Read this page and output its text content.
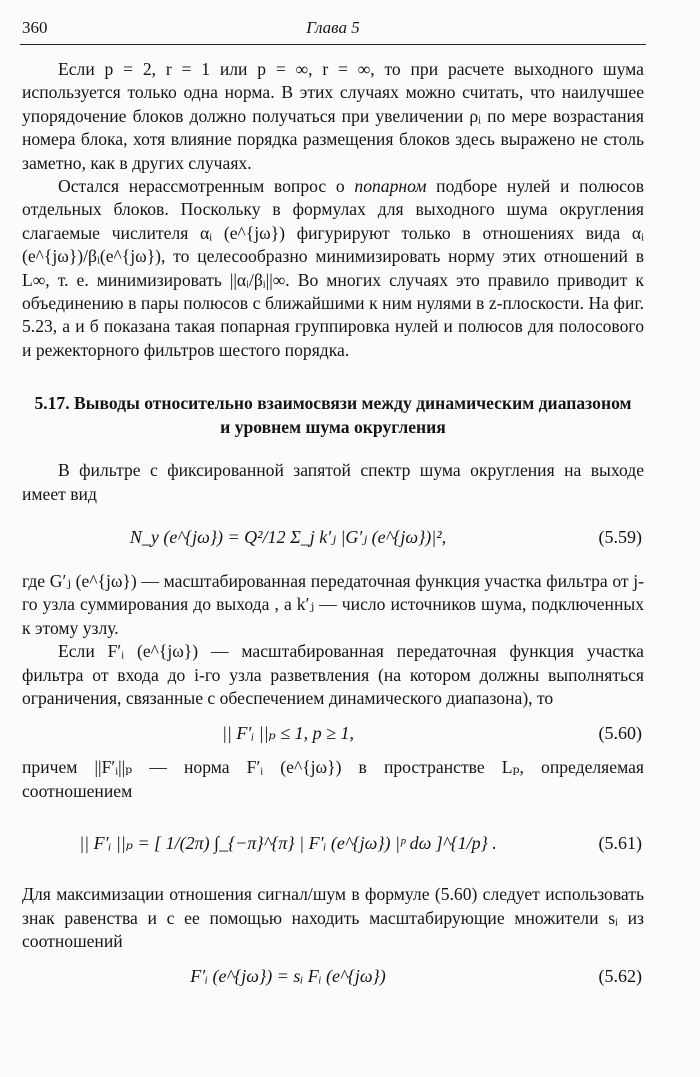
360	Глава 5

Если p = 2, r = 1 или p = ∞, r = ∞, то при расчете выходного шума используется только одна норма. В этих случаях можно считать, что наилучшее упорядочение блоков должно получаться при увеличении ρᵢ по мере возрастания номера блока, хотя влияние порядка размещения блоков здесь выражено не столь заметно, как в других случаях.

Остался нерассмотренным вопрос о попарном подборе нулей и полюсов отдельных блоков. Поскольку в формулах для выходного шума округления слагаемые числителя αᵢ (e^{jω}) фигурируют только в отношениях вида αᵢ (e^{jω})/βᵢ(e^{jω}), то целесообразно минимизировать норму этих отношений в L∞, т. е. минимизировать ||αᵢ/βᵢ||∞. Во многих случаях это правило приводит к объединению в пары полюсов с ближайшими к ним нулями в z-плоскости. На фиг. 5.23, а и б показана такая попарная группировка нулей и полюсов для полосового и режекторного фильтров шестого порядка.

5.17. Выводы относительно взаимосвязи между динамическим диапазоном и уровнем шума округления

В фильтре с фиксированной запятой спектр шума округления на выходе имеет вид

N_y (e^{jω}) = Q²/12 Σ_j k′ⱼ |G′ⱼ (e^{jω})|²,	(5.59)

где G′ⱼ (e^{jω}) — масштабированная передаточная функция участка фильтра от j-го узла суммирования до выхода , а k′ⱼ — число источников шума, подключенных к этому узлу.

Если F′ᵢ (e^{jω}) — масштабированная передаточная функция участка фильтра от входа до i-го узла разветвления (на котором должны выполняться ограничения, связанные с обеспечением динамического диапазона), то

|| F′ᵢ ||ₚ ≤ 1, p ≥ 1,	(5.60)

причем ||F′ᵢ||ₚ — норма F′ᵢ (e^{jω}) в пространстве Lₚ, определяемая соотношением

|| F′ᵢ ||ₚ = [ 1/(2π) ∫_{−π}^{π} | F′ᵢ (e^{jω}) |ᵖ dω ]^{1/p} .	(5.61)

Для максимизации отношения сигнал/шум в формуле (5.60) следует использовать знак равенства и с ее помощью находить масштабирующие множители sᵢ из соотношений

F′ᵢ (e^{jω}) = sᵢ Fᵢ (e^{jω})	(5.62)
